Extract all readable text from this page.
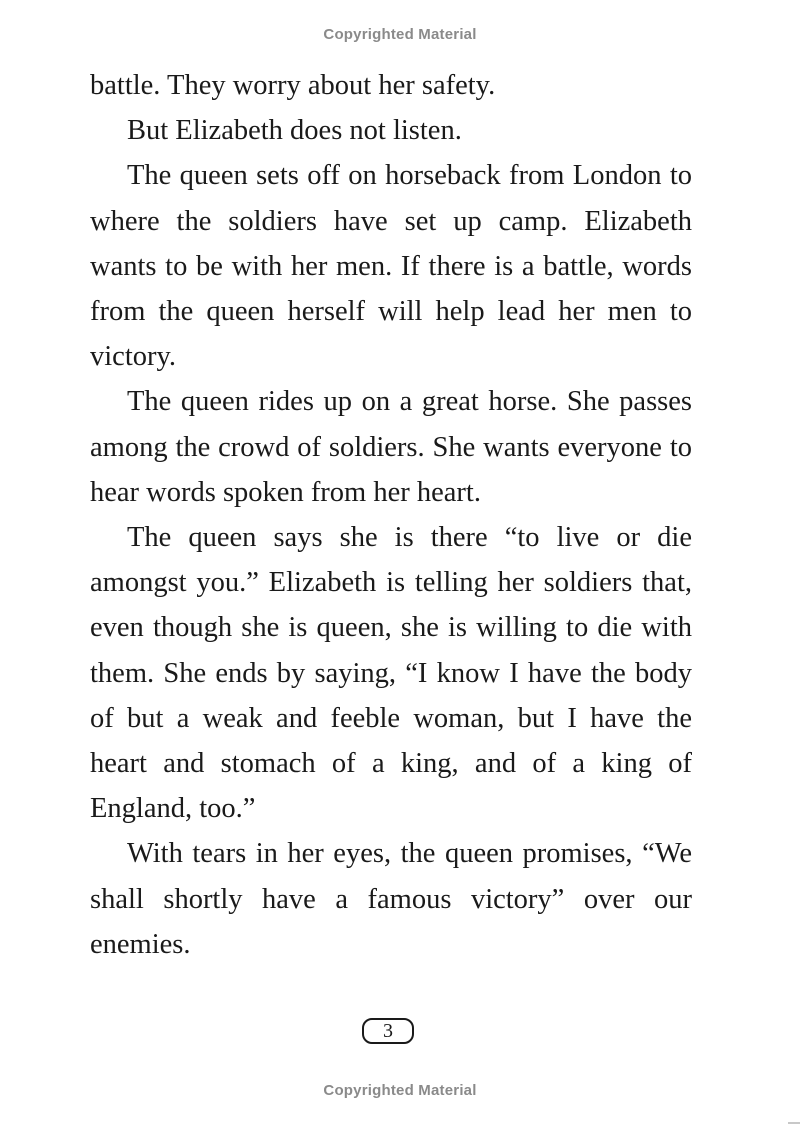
Copyrighted Material

battle. They worry about her safety.

But Elizabeth does not listen.

The queen sets off on horseback from London to where the soldiers have set up camp. Elizabeth wants to be with her men. If there is a battle, words from the queen herself will help lead her men to victory.

The queen rides up on a great horse. She passes among the crowd of soldiers. She wants everyone to hear words spoken from her heart.

The queen says she is there “to live or die amongst you.” Elizabeth is telling her soldiers that, even though she is queen, she is willing to die with them. She ends by saying, “I know I have the body of but a weak and feeble woman, but I have the heart and stomach of a king, and of a king of England, too.”

With tears in her eyes, the queen promises, “We shall shortly have a famous victory” over our enemies.

3
Copyrighted Material
